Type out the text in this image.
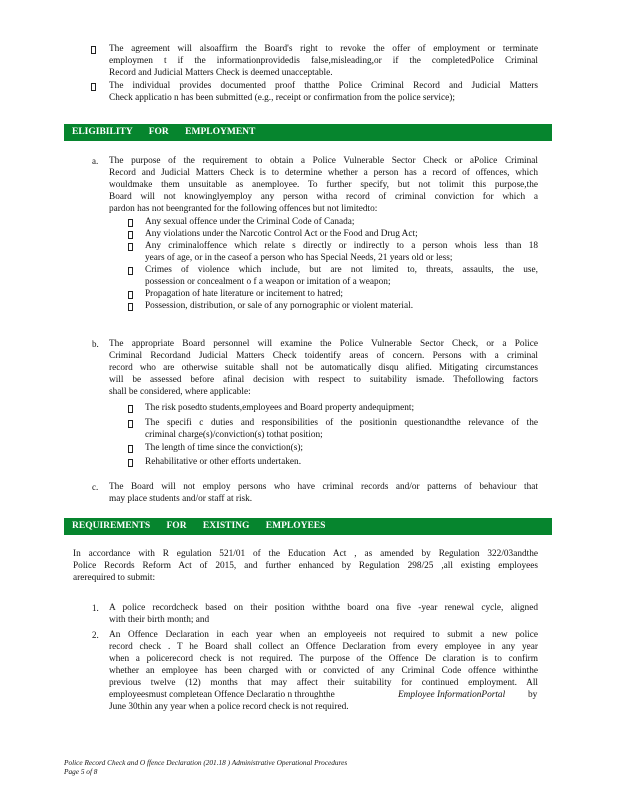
The agreement will alsoaffirm the Board's right to revoke the offer of employment or terminate
employmen t if the informationprovidedis false,misleading,or if the completedPolice Criminal
Record and Judicial Matters Check is deemed unacceptable.
The individual provides documented proof thatthe Police Criminal Record and Judicial Matters
Check applicatio n has been submitted (e.g., receipt or confirmation from the police service);
ELIGIBILITY FOR EMPLOYMENT
a. The purpose of the requirement to obtain a Police Vulnerable Sector Check or aPolice Criminal
Record and Judicial Matters Check is to determine whether a person has a record of offences, which
wouldmake them unsuitable as anemployee. To further specify, but not tolimit this purpose,the
Board will not knowinglyemploy any person witha record of criminal conviction for which a
pardon has not beengranted for the following offences but not limitedto:
Any sexual offence under the Criminal Code of Canada;
Any violations under the Narcotic Control Act or the Food and Drug Act;
Any criminaloffence which relate s directly or indirectly to a person whois less than 18
years of age, or in the caseof a person who has Special Needs, 21 years old or less;
Crimes of violence which include, but are not limited to, threats, assaults, the use,
possession or concealment o f a weapon or imitation of a weapon;
Propagation of hate literature or incitement to hatred;
Possession, distribution, or sale of any pornographic or violent material.
b. The appropriate Board personnel will examine the Police Vulnerable Sector Check, or a Police
Criminal Recordand Judicial Matters Check toidentify areas of concern. Persons with a criminal
record who are otherwise suitable shall not be automatically disqu alified. Mitigating circumstances
will be assessed before afinal decision with respect to suitability ismade. Thefollowing factors
shall be considered, where applicable:
The risk posedto students,employees and Board property andequipment;
The specifi c duties and responsibilities of the positionin questionandthe relevance of the
criminal charge(s)/conviction(s) tothat position;
The length of time since the conviction(s);
Rehabilitative or other efforts undertaken.
c. The Board will not employ persons who have criminal records and/or patterns of behaviour that
may place students and/or staff at risk.
REQUIREMENTS FOR EXISTING EMPLOYEES
In accordance with R egulation 521/01 of the Education Act , as amended by Regulation 322/03andthe
Police Records Reform Act of 2015, and further enhanced by Regulation 298/25 ,all existing employees
arerequired to submit:
1. A police recordcheck based on their position withthe board ona five -year renewal cycle, aligned
with their birth month; and
2. An Offence Declaration in each year when an employeeis not required to submit a new police
record check . T he Board shall collect an Offence Declaration from every employee in any year
when a policerecord check is not required. The purpose of the Offence De claration is to confirm
whether an employee has been charged with or convicted of any Criminal Code offence withinthe
previous twelve (12) months that may affect their suitability for continued employment. All
employeesmust completean Offence Declaratio n throughthe	Employee InformationPortal by
June 30thin any year when a police record check is not required.
Police Record Check and O ffence Declaration (201.18 ) Administrative Operational Procedures
Page 5 of 8
